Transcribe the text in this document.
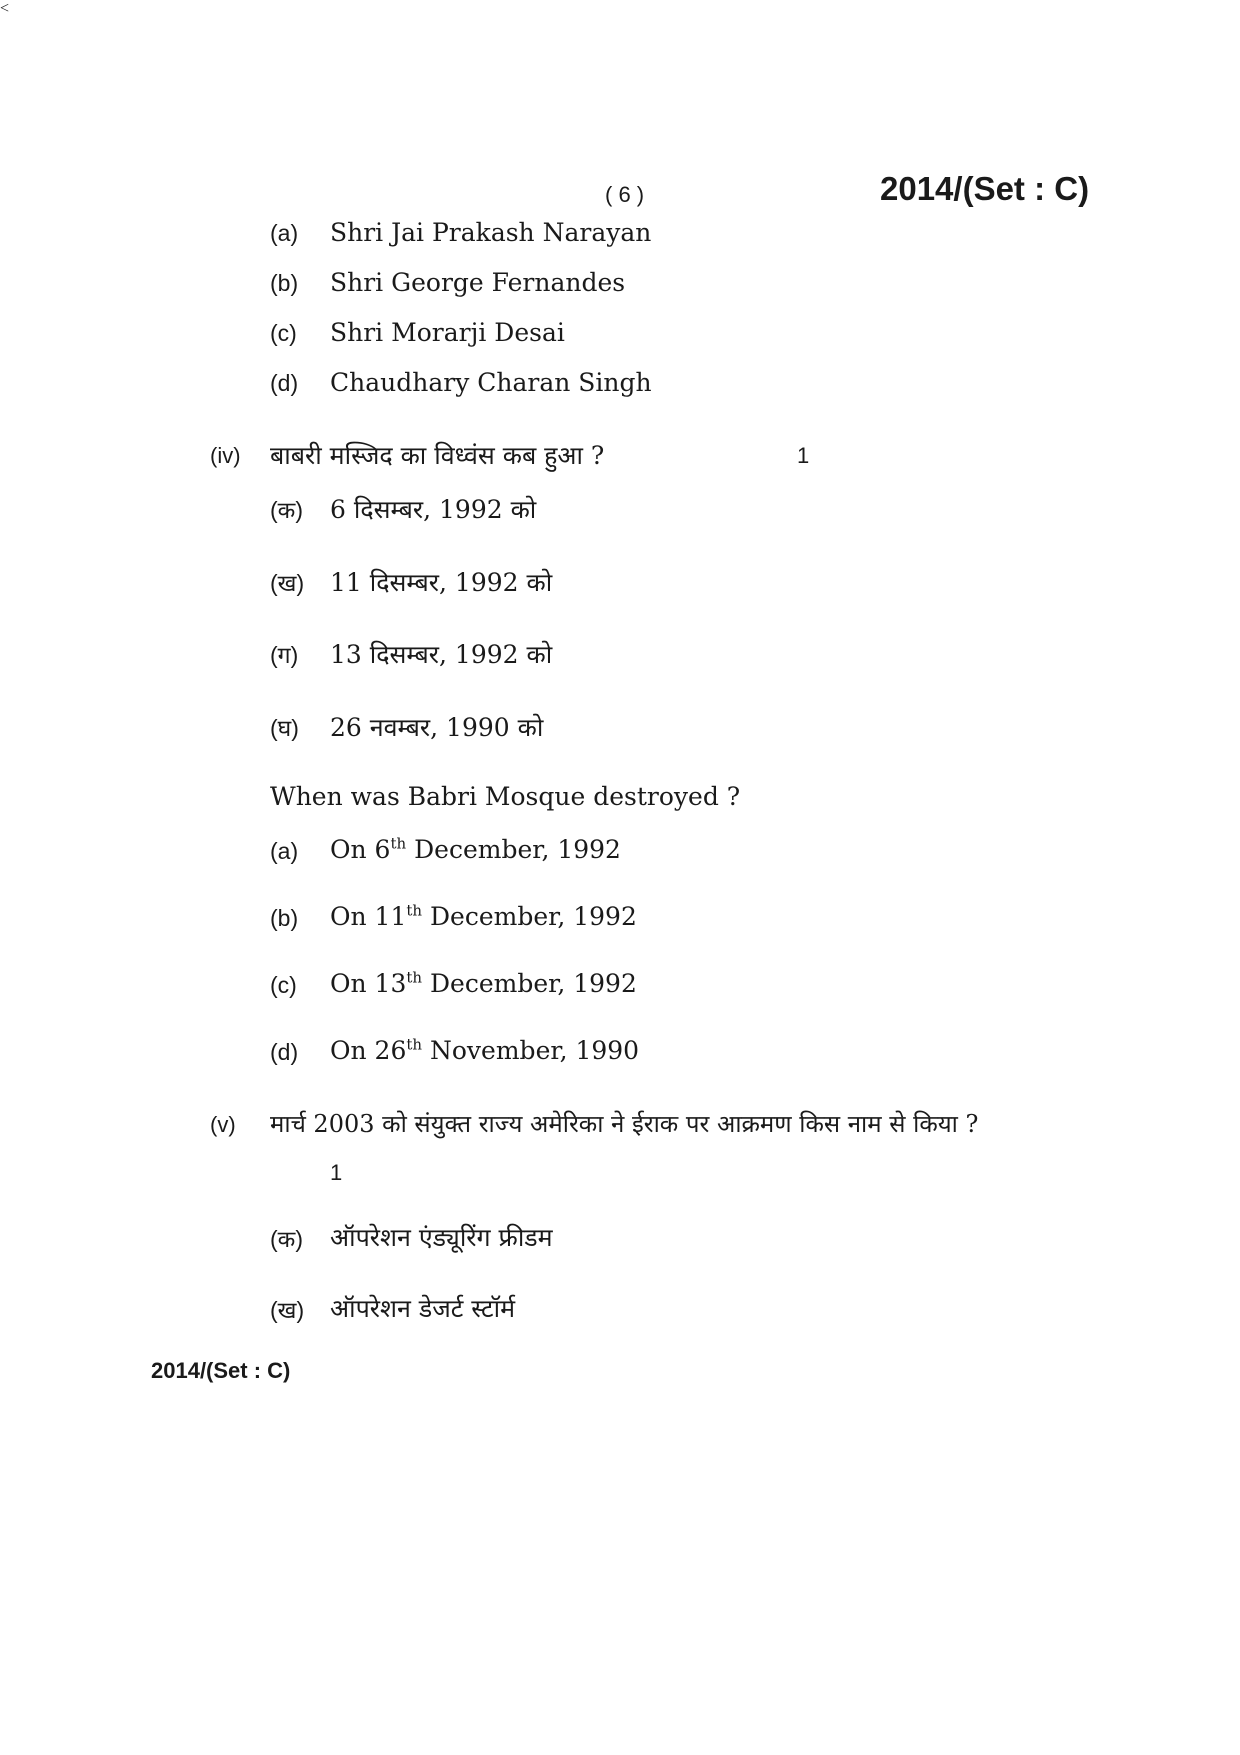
( 6 )	2014/(Set : C)
(a) Shri Jai Prakash Narayan
(b) Shri George Fernandes
(c) Shri Morarji Desai
(d) Chaudhary Charan Singh
(iv) बाबरी मस्जिद का विध्वंस कब हुआ ?	1
(क) 6 दिसम्बर, 1992 को
(ख) 11 दिसम्बर, 1992 को
(ग) 13 दिसम्बर, 1992 को
(घ) 26 नवम्बर, 1990 को
When was Babri Mosque destroyed ?
(a) On 6th December, 1992
(b) On 11th December, 1992
(c) On 13th December, 1992
(d) On 26th November, 1990
<
(v) मार्च 2003 को संयुक्त राज्य अमेरिका ने ईराक पर आक्रमण किस नाम से किया ?
1
(क) ऑपरेशन एंड्यूरिंग फ्रीडम
(ख) ऑपरेशन डेजर्ट स्टॉर्म
2014/(Set : C)
